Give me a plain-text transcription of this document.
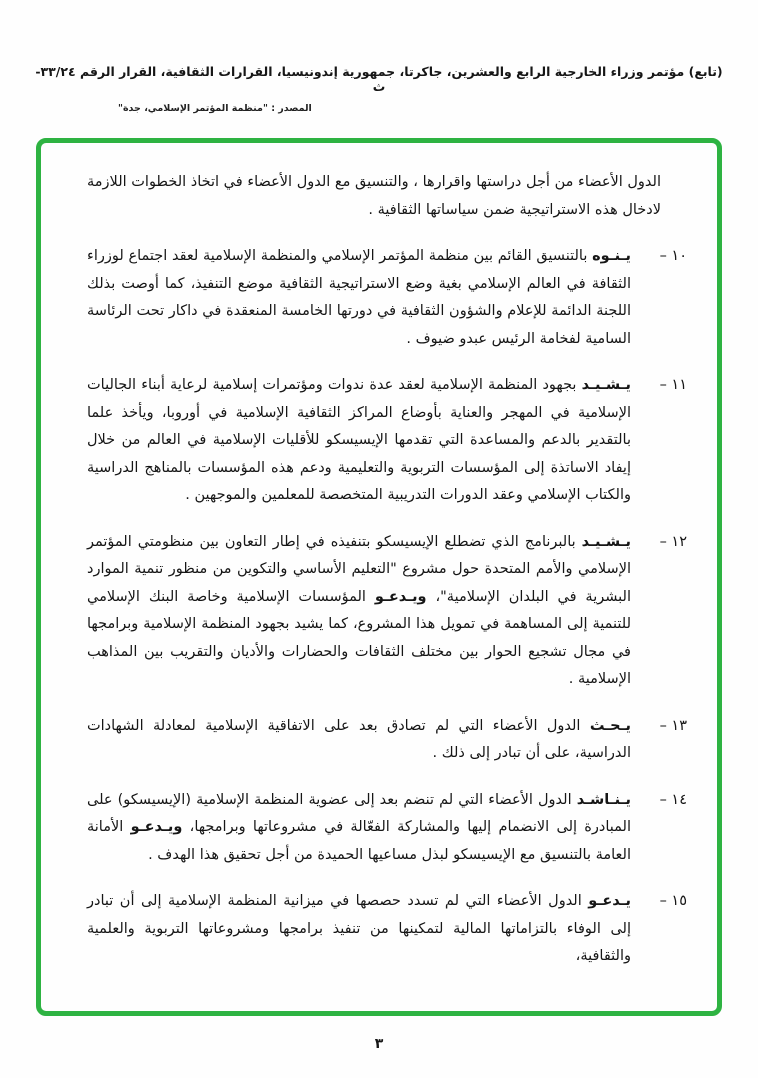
(تابع) مؤتمر وزراء الخارجية الرابع والعشرين، جاكرتا، جمهورية إندونيسيا، القرارات الثقافية، القرار الرقم ٣٣/٢٤-ث
المصدر : "منظمة المؤتمر الإسلامي، جدة"

الدول الأعضاء من أجل دراستها واقرارها ، والتنسيق مع الدول الأعضاء في اتخاذ الخطوات اللازمة لادخال هذه الاستراتيجية ضمن سياساتها الثقافية .

١٠ –
يـنـوه بالتنسيق القائم بين منظمة المؤتمر الإسلامي والمنظمة الإسلامية لعقد اجتماع لوزراء الثقافة في العالم الإسلامي بغية وضع الاستراتيجية الثقافية موضع التنفيذ، كما أوصت بذلك اللجنة الدائمة للإعلام والشؤون الثقافية في دورتها الخامسة المنعقدة في داكار تحت الرئاسة السامية لفخامة الرئيس عبدو ضيوف .
١١ –
يـشـيـد بجهود المنظمة الإسلامية لعقد عدة ندوات ومؤتمرات إسلامية لرعاية أبناء الجاليات الإسلامية في المهجر والعناية بأوضاع المراكز الثقافية الإسلامية في أوروبا، ويأخذ علما بالتقدير بالدعم والمساعدة التي تقدمها الإيسيسكو للأقليات الإسلامية في العالم من خلال إيفاد الاساتذة إلى المؤسسات التربوية والتعليمية ودعم هذه المؤسسات بالمناهج الدراسية والكتاب الإسلامي وعقد الدورات التدريبية المتخصصة للمعلمين والموجهين .
١٢ –
يـشـيـد بالبرنامج الذي تضطلع الإيسيسكو بتنفيذه في إطار التعاون بين منظومتي المؤتمر الإسلامي والأمم المتحدة حول مشروع "التعليم الأساسي والتكوين من منظور تنمية الموارد البشرية في البلدان الإسلامية"، ويـدعـو المؤسسات الإسلامية وخاصة البنك الإسلامي للتنمية إلى المساهمة في تمويل هذا المشروع، كما يشيد بجهود المنظمة الإسلامية وبرامجها في مجال تشجيع الحوار بين مختلف الثقافات والحضارات والأديان والتقريب بين المذاهب الإسلامية .
١٣ –
يـحـث الدول الأعضاء التي لم تصادق بعد على الاتفاقية الإسلامية لمعادلة الشهادات الدراسية، على أن تبادر إلى ذلك .
١٤ –
يـنـاشـد الدول الأعضاء التي لم تنضم بعد إلى عضوية المنظمة الإسلامية (الإيسيسكو) على المبادرة إلى الانضمام إليها والمشاركة الفعّالة في مشروعاتها وبرامجها، ويـدعـو الأمانة العامة بالتنسيق مع الإيسيسكو لبذل مساعيها الحميدة من أجل تحقيق هذا الهدف .
١٥ –
يـدعـو الدول الأعضاء التي لم تسدد حصصها في ميزانية المنظمة الإسلامية إلى أن تبادر إلى الوفاء بالتزاماتها المالية لتمكينها من تنفيذ برامجها ومشروعاتها التربوية والعلمية والثقافية،
٣
